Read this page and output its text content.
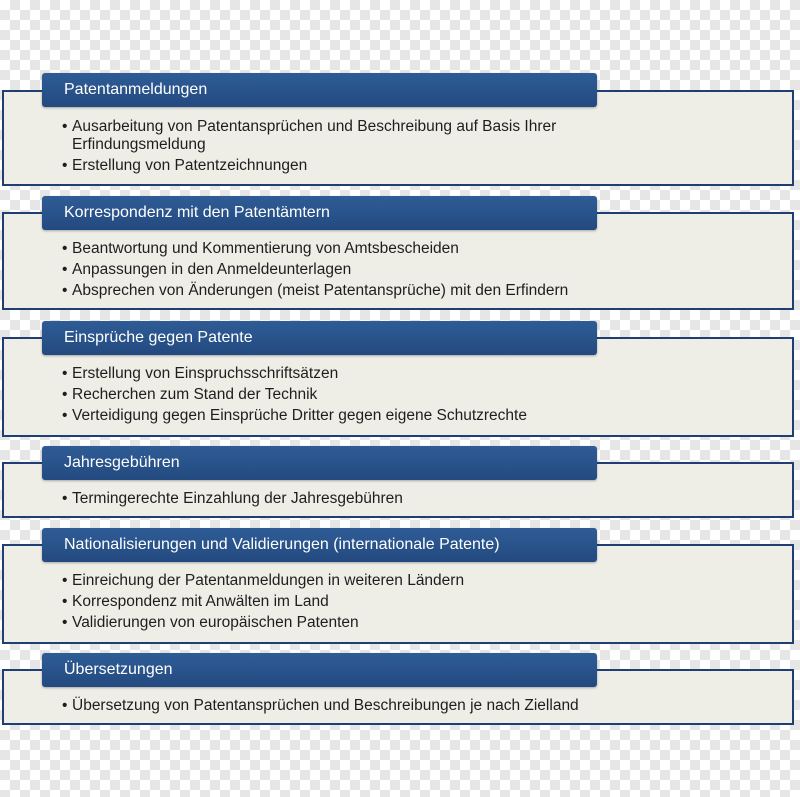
Patentanmeldungen
• Ausarbeitung von Patentansprüchen und Beschreibung auf Basis Ihrer Erfindungsmeldung
• Erstellung von Patentzeichnungen
Korrespondenz mit den Patentämtern
• Beantwortung und Kommentierung von Amtsbescheiden
• Anpassungen in den Anmeldeunterlagen
• Absprechen von Änderungen (meist Patentansprüche) mit den Erfindern
Einsprüche gegen Patente
• Erstellung von Einspruchsschriftsätzen
• Recherchen zum Stand der Technik
• Verteidigung gegen Einsprüche Dritter gegen eigene Schutzrechte
Jahresgebühren
• Termingerechte Einzahlung der Jahresgebühren
Nationalisierungen und Validierungen (internationale Patente)
• Einreichung der Patentanmeldungen in weiteren Ländern
• Korrespondenz mit Anwälten im Land
• Validierungen von europäischen Patenten
Übersetzungen
• Übersetzung von Patentansprüchen und Beschreibungen je nach Zielland
